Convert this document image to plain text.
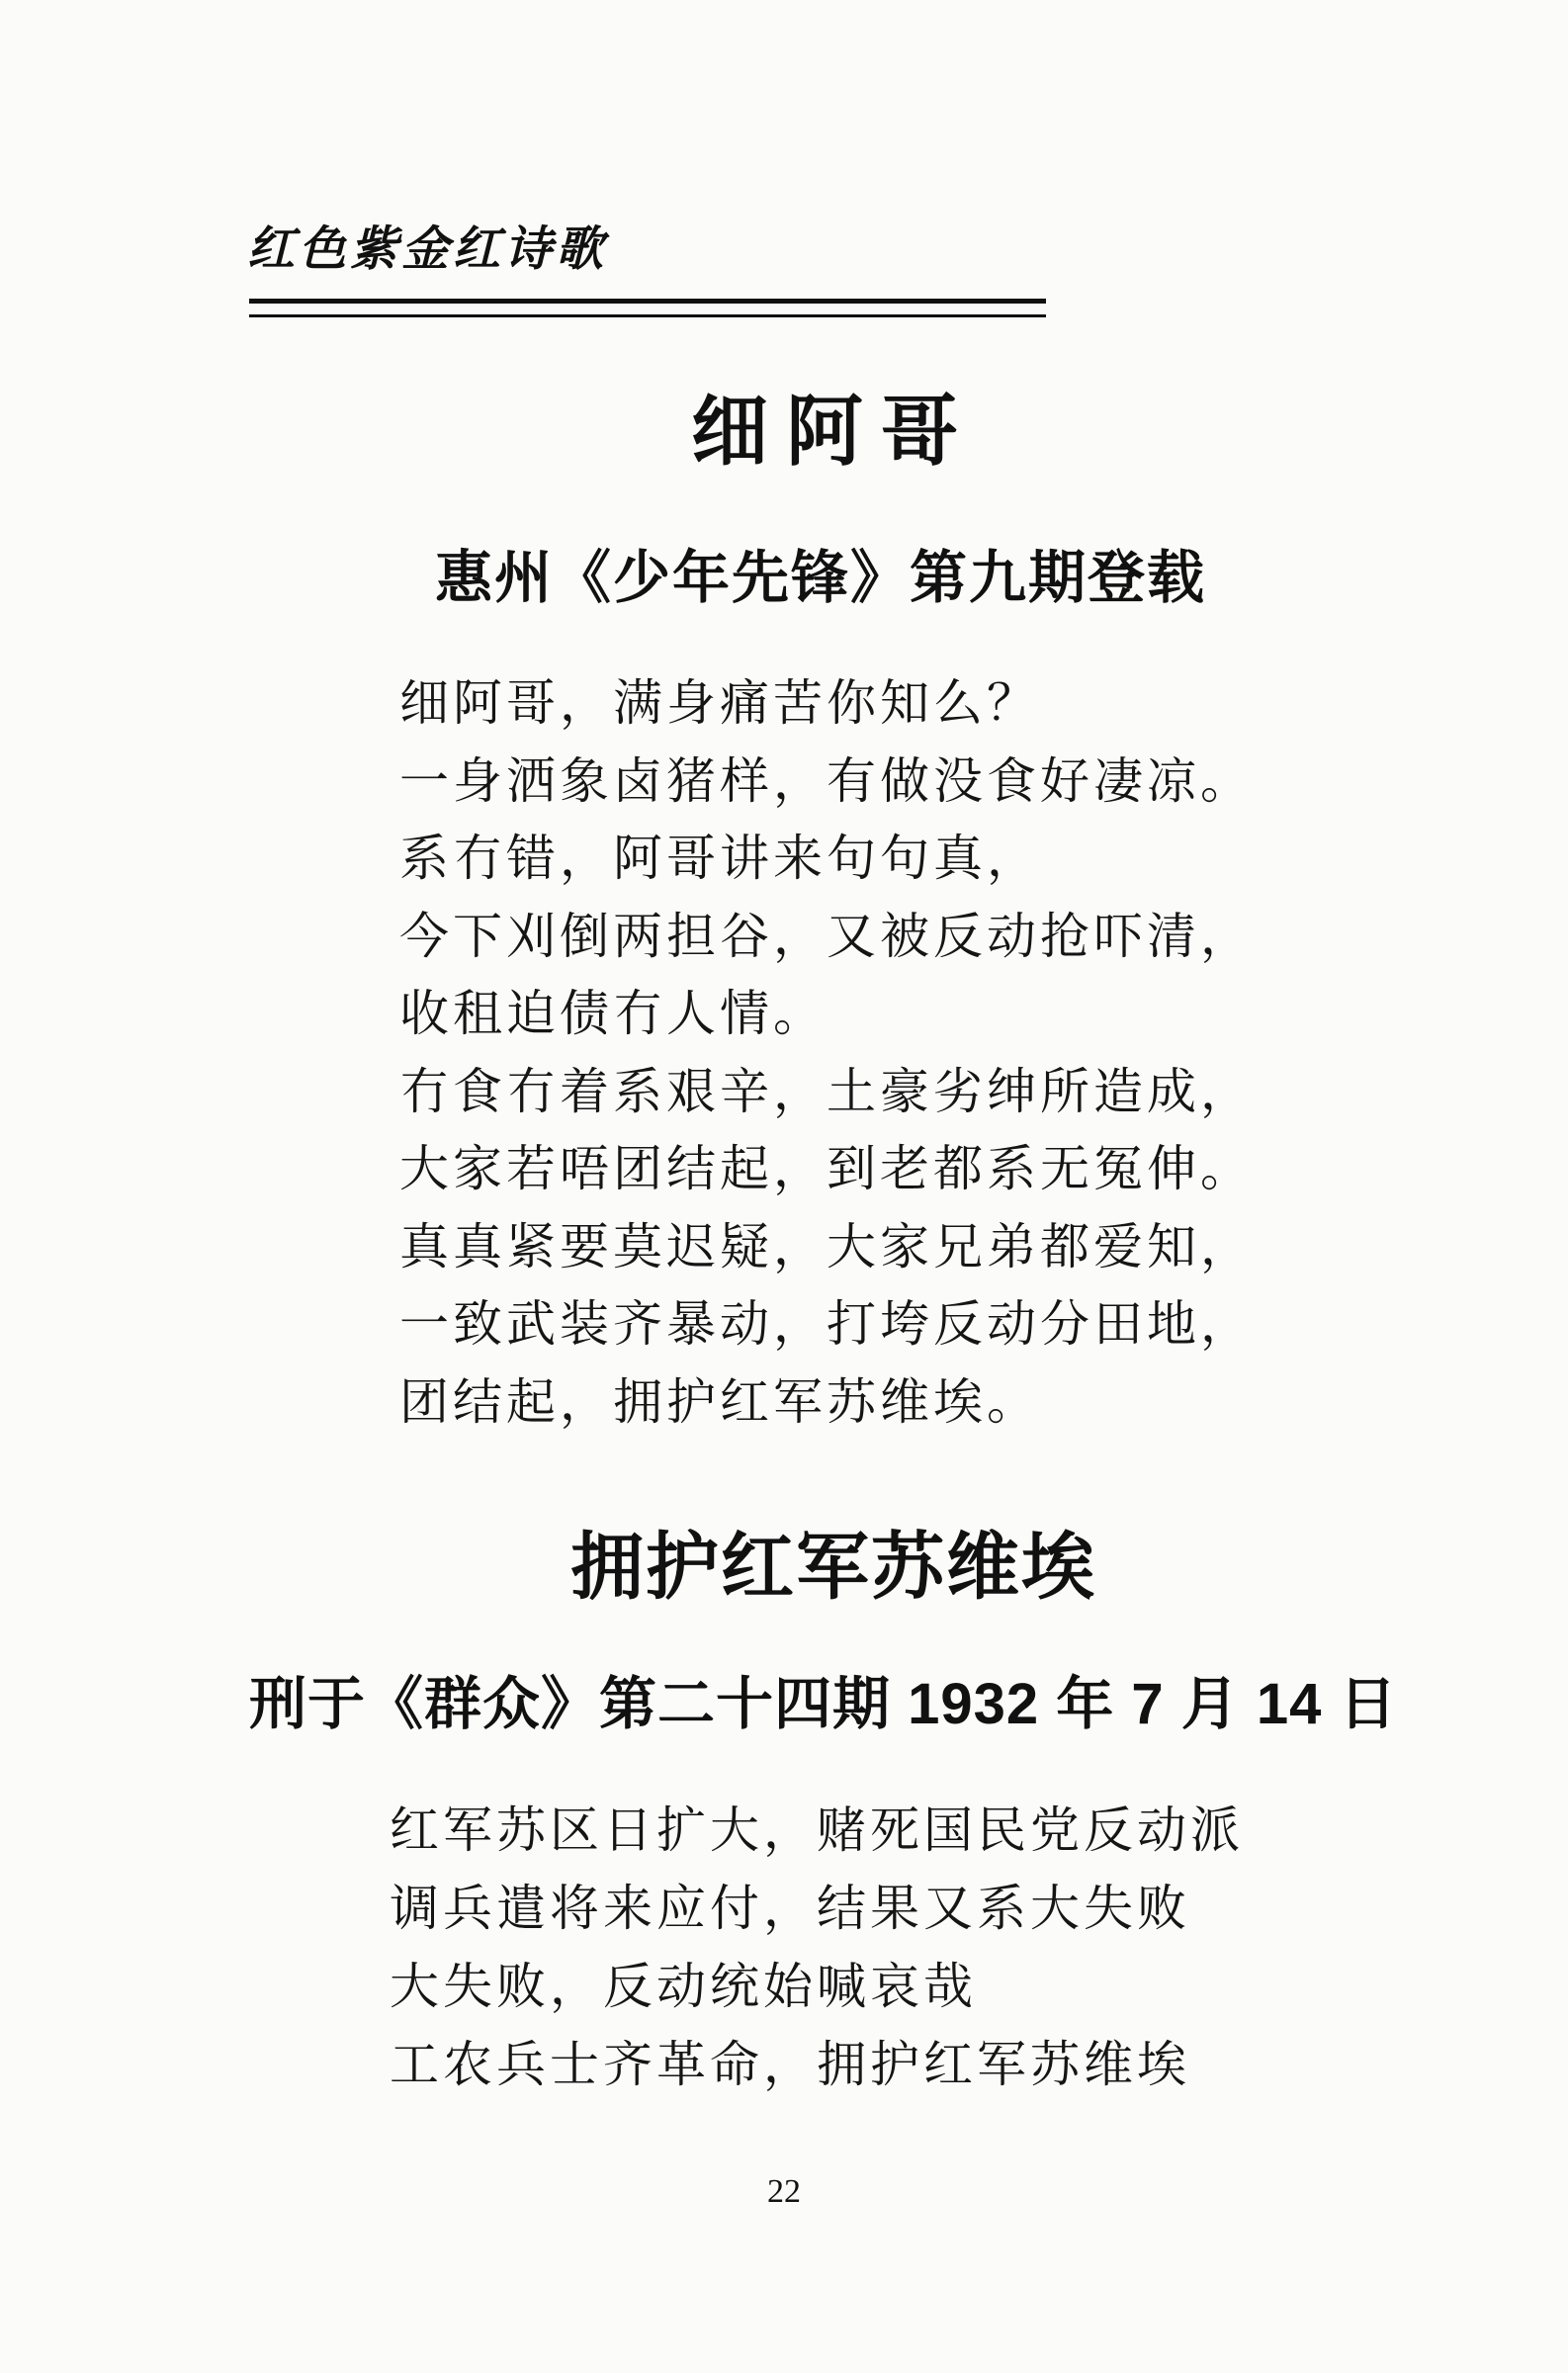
红色紫金红诗歌
细阿哥
惠州《少年先锋》第九期登载
细阿哥，满身痛苦你知么？
一身洒象卤猪样，有做没食好凄凉。
系冇错，阿哥讲来句句真，
今下刈倒两担谷，又被反动抢吓清，
收租迫债冇人情。
冇食冇着系艰辛，土豪劣绅所造成，
大家若唔团结起，到老都系无冤伸。
真真紧要莫迟疑，大家兄弟都爱知，
一致武装齐暴动，打垮反动分田地，
团结起，拥护红军苏维埃。
拥护红军苏维埃
刑于《群众》第二十四期 1932 年 7 月 14 日
红军苏区日扩大，赌死国民党反动派
调兵遣将来应付，结果又系大失败
大失败，反动统始喊哀哉
工农兵士齐革命，拥护红军苏维埃
22
